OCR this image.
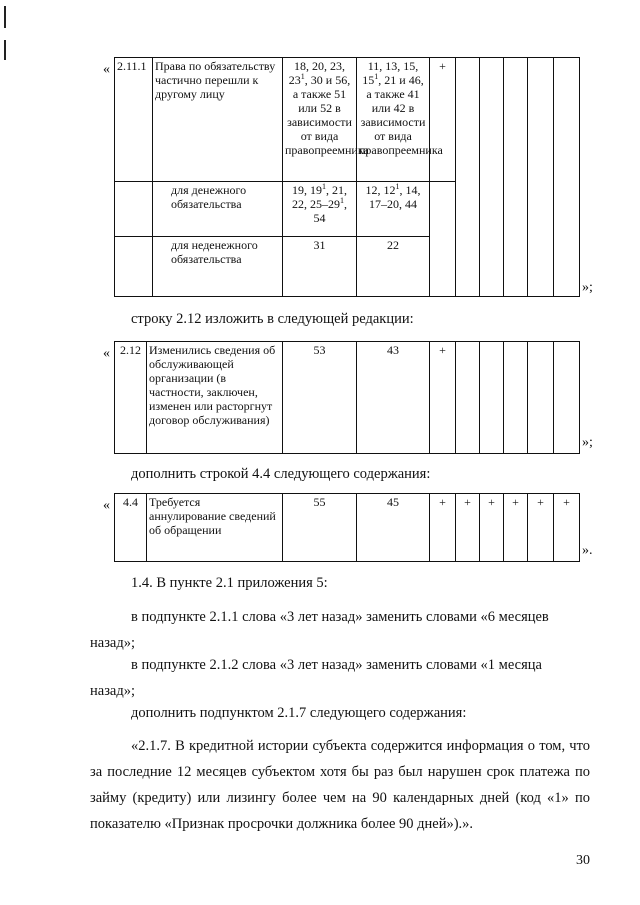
« 2.11.1	Права по обязательству частично перешли к другому лицу	18, 20, 23, $23^1$, 30 и 56, а также 51 или 52 в зависимости от вида правопреемника	11, 13, 15, $15^1$, 21 и 46, а также 41 или 42 в зависимости от вида правопреемника	+					
	для денежного обязательства	19, $19^1$, 21, 22, $25-29^1$, 54	12, $12^1$, 14, 17–20, 44						
	для неденежного обязательства	31	22						
»;
строку 2.12 изложить в следующей редакции:
« 2.12	Изменились сведения об обслуживающей организации (в частности, заключен, изменен или расторгнут договор обслуживания)	53	43	+					
»;
дополнить строкой 4.4 следующего содержания:
« 4.4	Требуется аннулирование сведений об обращении	55	45	+	+	+	+	+	+
».
1.4. В пункте 2.1 приложения 5:
в подпункте 2.1.1 слова «3 лет назад» заменить словами «6 месяцев назад»;
в подпункте 2.1.2 слова «3 лет назад» заменить словами «1 месяца назад»;
дополнить подпунктом 2.1.7 следующего содержания:
«2.1.7. В кредитной истории субъекта содержится информация о том, что за последние 12 месяцев субъектом хотя бы раз был нарушен срок платежа по займу (кредиту) или лизингу более чем на 90 календарных дней (код «1» по показателю «Признак просрочки должника более 90 дней»).».
30
